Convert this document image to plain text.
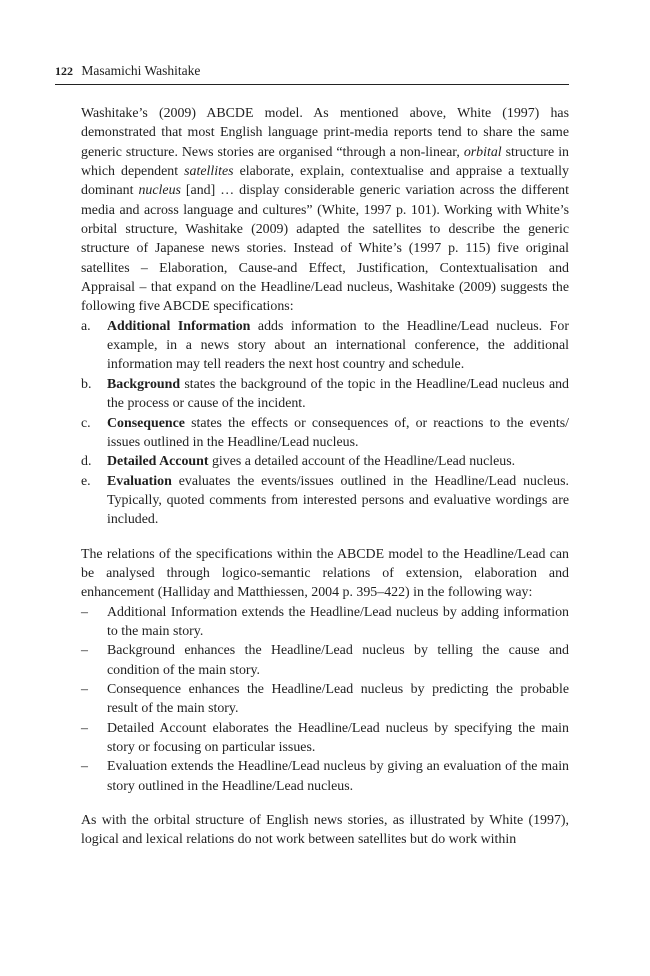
122 Masamichi Washitake

Washitake’s (2009) ABCDE model. As mentioned above, White (1997) has demonstrated that most English language print-media reports tend to share the same generic structure. News stories are organised “through a non-linear, orbital structure in which dependent satellites elaborate, explain, contextualise and appraise a textually dominant nucleus [and] … display considerable generic variation across the different media and across language and cultures” (White, 1997 p. 101). Working with White’s orbital structure, Washitake (2009) adapted the satellites to describe the generic structure of Japanese news stories. Instead of White’s (1997 p. 115) five original satellites – Elaboration, Cause-and Effect, Justification, Contextualisation and Appraisal – that expand on the Headline/Lead nucleus, Washitake (2009) suggests the following five ABCDE specifications:

a. Additional Information adds information to the Headline/Lead nucleus. For example, in a news story about an international conference, the additional information may tell readers the next host country and schedule.
b. Background states the background of the topic in the Headline/Lead nucleus and the process or cause of the incident.
c. Consequence states the effects or consequences of, or reactions to the events/ issues outlined in the Headline/Lead nucleus.
d. Detailed Account gives a detailed account of the Headline/Lead nucleus.
e. Evaluation evaluates the events/issues outlined in the Headline/Lead nucleus. Typically, quoted comments from interested persons and evaluative wordings are included.

The relations of the specifications within the ABCDE model to the Headline/Lead can be analysed through logico-semantic relations of extension, elaboration and enhancement (Halliday and Matthiessen, 2004 p. 395–422) in the following way:

– Additional Information extends the Headline/Lead nucleus by adding information to the main story.
– Background enhances the Headline/Lead nucleus by telling the cause and condition of the main story.
– Consequence enhances the Headline/Lead nucleus by predicting the probable result of the main story.
– Detailed Account elaborates the Headline/Lead nucleus by specifying the main story or focusing on particular issues.
– Evaluation extends the Headline/Lead nucleus by giving an evaluation of the main story outlined in the Headline/Lead nucleus.

As with the orbital structure of English news stories, as illustrated by White (1997), logical and lexical relations do not work between satellites but do work within
